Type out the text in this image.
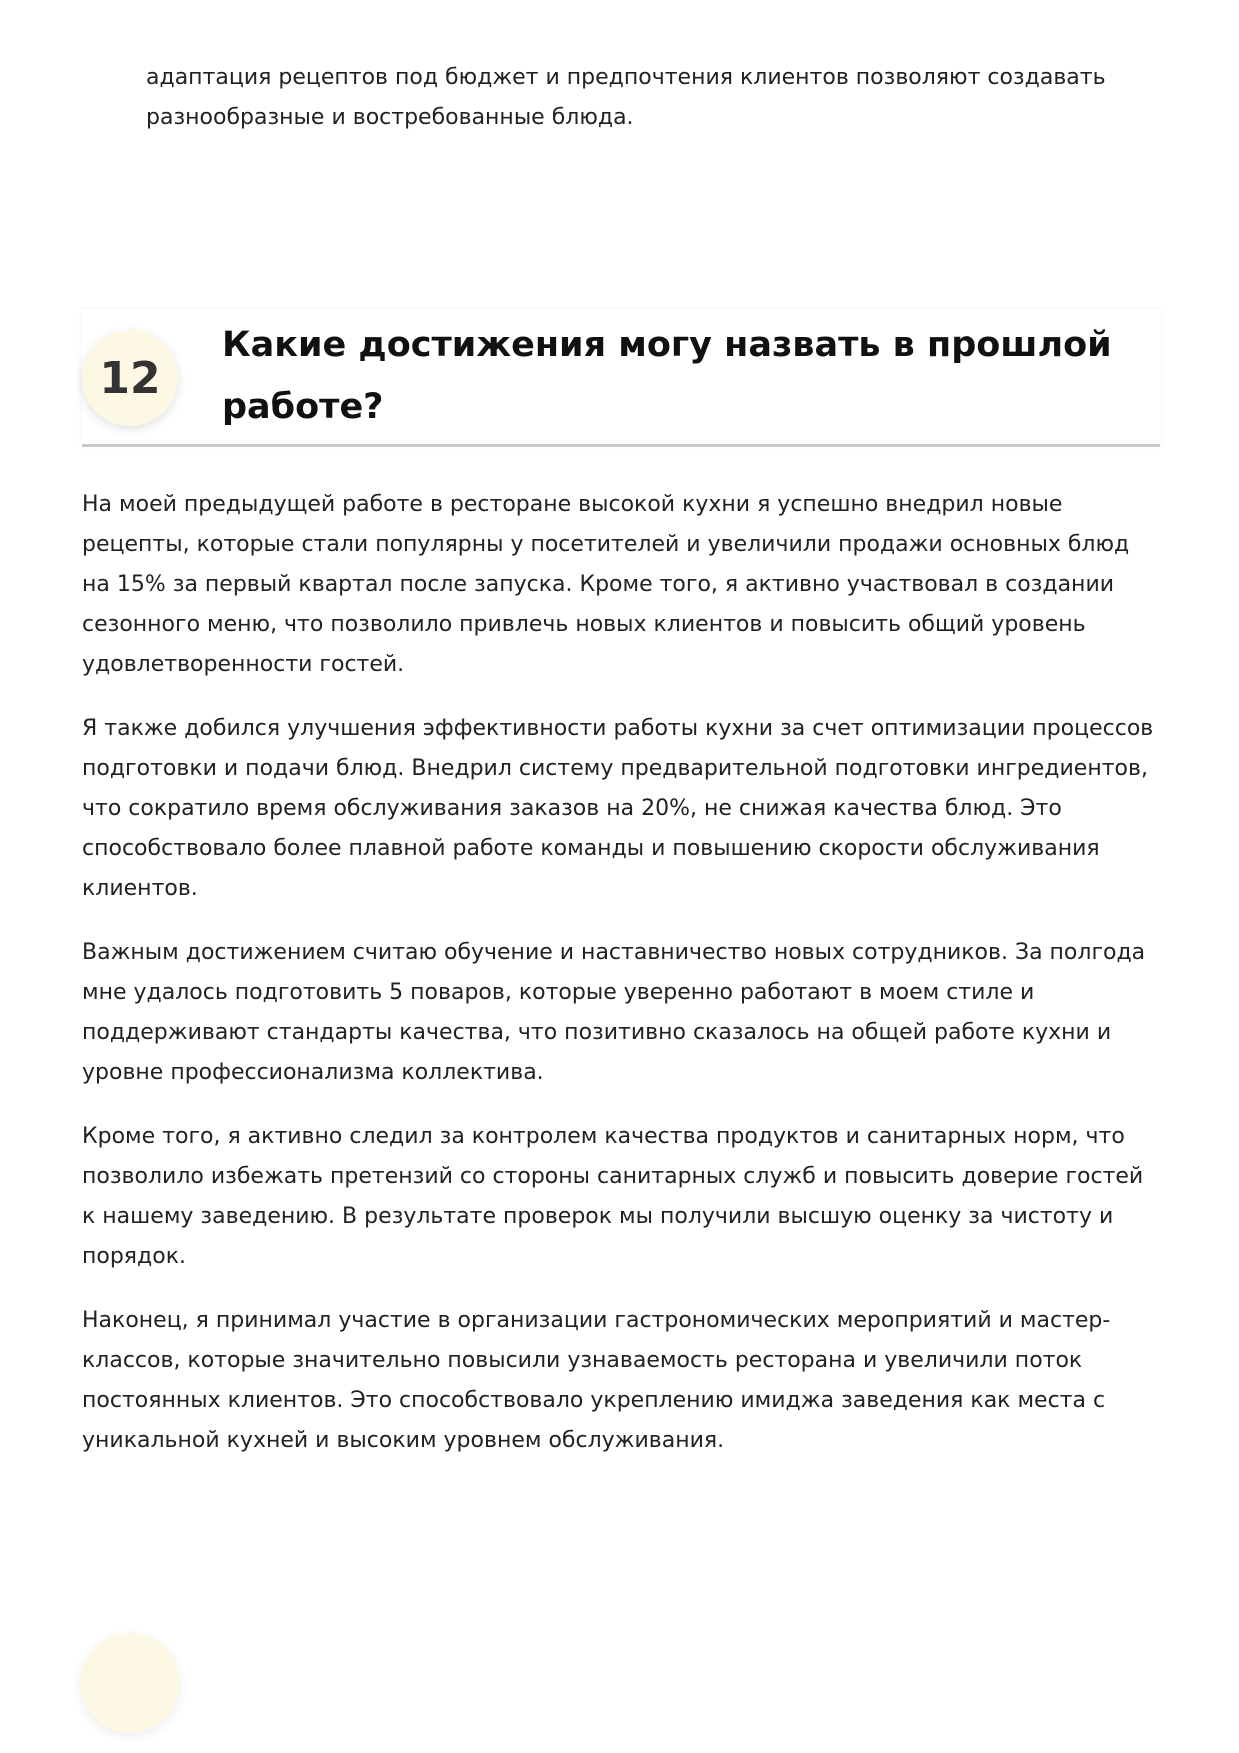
адаптация рецептов под бюджет и предпочтения клиентов позволяют создавать разнообразные и востребованные блюда.

12
Какие достижения могу назвать в прошлой работе?

На моей предыдущей работе в ресторане высокой кухни я успешно внедрил новые рецепты, которые стали популярны у посетителей и увеличили продажи основных блюд на 15% за первый квартал после запуска. Кроме того, я активно участвовал в создании сезонного меню, что позволило привлечь новых клиентов и повысить общий уровень удовлетворенности гостей.

Я также добился улучшения эффективности работы кухни за счет оптимизации процессов подготовки и подачи блюд. Внедрил систему предварительной подготовки ингредиентов, что сократило время обслуживания заказов на 20%, не снижая качества блюд. Это способствовало более плавной работе команды и повышению скорости обслуживания клиентов.

Важным достижением считаю обучение и наставничество новых сотрудников. За полгода мне удалось подготовить 5 поваров, которые уверенно работают в моем стиле и поддерживают стандарты качества, что позитивно сказалось на общей работе кухни и уровне профессионализма коллектива.

Кроме того, я активно следил за контролем качества продуктов и санитарных норм, что позволило избежать претензий со стороны санитарных служб и повысить доверие гостей к нашему заведению. В результате проверок мы получили высшую оценку за чистоту и порядок.

Наконец, я принимал участие в организации гастрономических мероприятий и мастер-классов, которые значительно повысили узнаваемость ресторана и увеличили поток постоянных клиентов. Это способствовало укреплению имиджа заведения как места с уникальной кухней и высоким уровнем обслуживания.
